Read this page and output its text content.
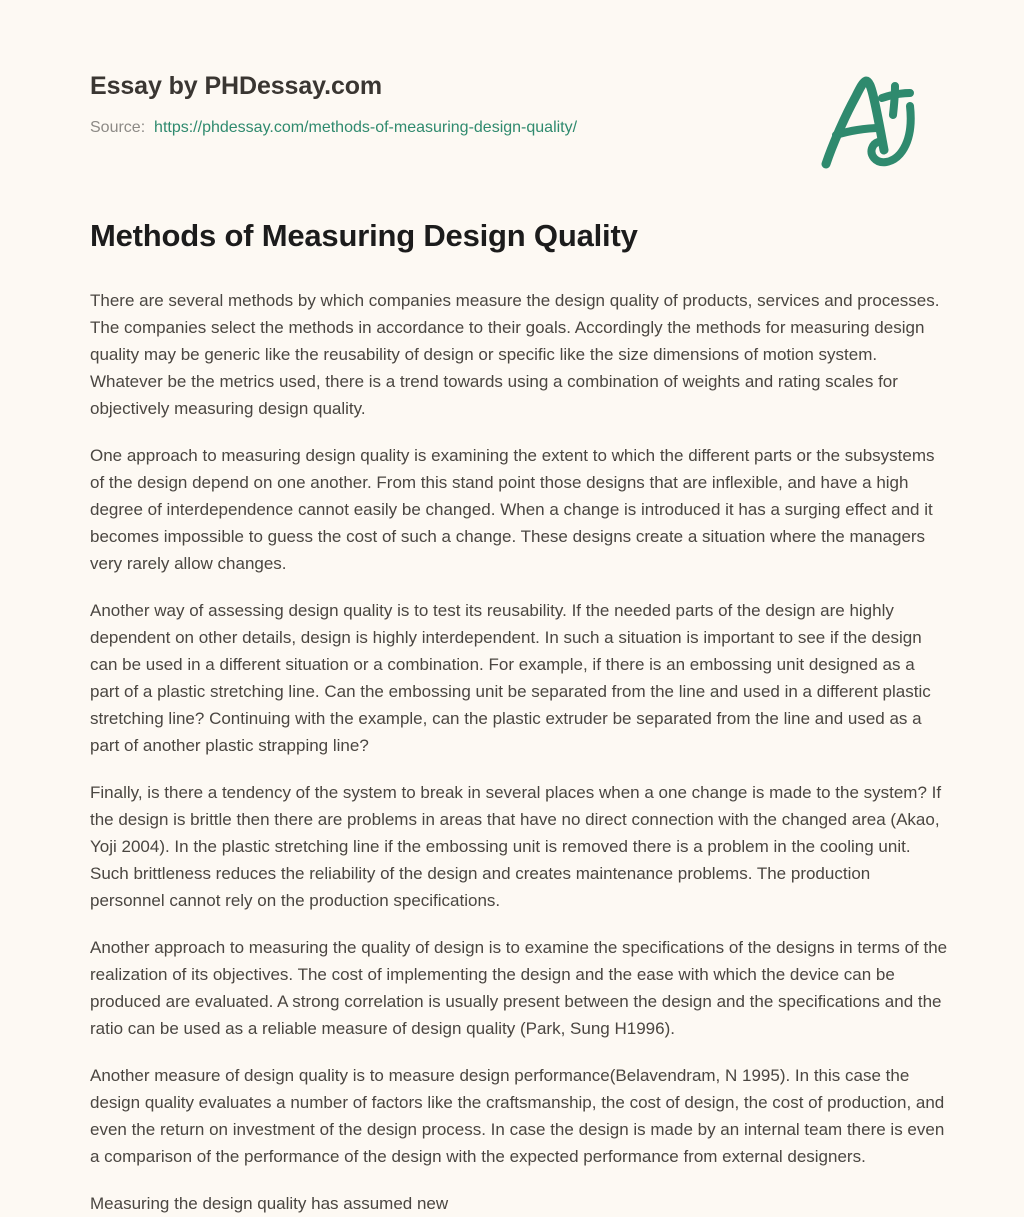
Essay by PHDessay.com
Source: https://phdessay.com/methods-of-measuring-design-quality/
Methods of Measuring Design Quality

There are several methods by which companies measure the design quality of products, services and processes. The companies select the methods in accordance to their goals. Accordingly the methods for measuring design quality may be generic like the reusability of design or specific like the size dimensions of motion system. Whatever be the metrics used, there is a trend towards using a combination of weights and rating scales for objectively measuring design quality.

One approach to measuring design quality is examining the extent to which the different parts or the subsystems of the design depend on one another. From this stand point those designs that are inflexible, and have a high degree of interdependence cannot easily be changed. When a change is introduced it has a surging effect and it becomes impossible to guess the cost of such a change. These designs create a situation where the managers very rarely allow changes.

Another way of assessing design quality is to test its reusability. If the needed parts of the design are highly dependent on other details, design is highly interdependent. In such a situation is important to see if the design can be used in a different situation or a combination. For example, if there is an embossing unit designed as a part of a plastic stretching line. Can the embossing unit be separated from the line and used in a different plastic stretching line? Continuing with the example, can the plastic extruder be separated from the line and used as a part of another plastic strapping line?

Finally, is there a tendency of the system to break in several places when a one change is made to the system? If the design is brittle then there are problems in areas that have no direct connection with the changed area (Akao, Yoji 2004). In the plastic stretching line if the embossing unit is removed there is a problem in the cooling unit. Such brittleness reduces the reliability of the design and creates maintenance problems. The production personnel cannot rely on the production specifications.

Another approach to measuring the quality of design is to examine the specifications of the designs in terms of the realization of its objectives. The cost of implementing the design and the ease with which the device can be produced are evaluated. A strong correlation is usually present between the design and the specifications and the ratio can be used as a reliable measure of design quality (Park, Sung H1996).

Another measure of design quality is to measure design performance(Belavendram, N 1995). In this case the design quality evaluates a number of factors like the craftsmanship, the cost of design, the cost of production, and even the return on investment of the design process. In case the design is made by an internal team there is even a comparison of the performance of the design with the expected performance from external designers.

Measuring the design quality has assumed new
